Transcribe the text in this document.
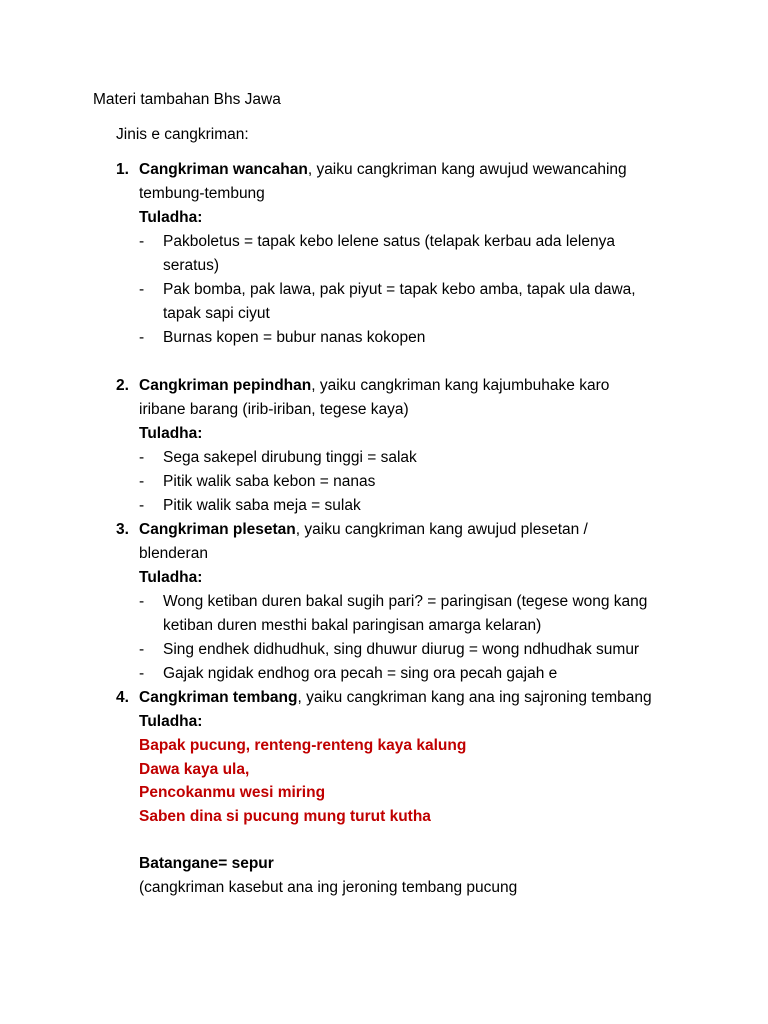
Materi tambahan Bhs Jawa
Jinis e cangkriman:
1. Cangkriman wancahan, yaiku cangkriman kang awujud wewancahing
tembung-tembung
Tuladha:
- Pakboletus = tapak kebo lelene satus (telapak kerbau ada lelenya
seratus)
- Pak bomba, pak lawa, pak piyut = tapak kebo amba, tapak ula dawa,
tapak sapi ciyut
- Burnas kopen = bubur nanas kokopen
2. Cangkriman pepindhan, yaiku cangkriman kang kajumbuhake karo
iribane barang (irib-iriban, tegese kaya)
Tuladha:
- Sega sakepel dirubung tinggi = salak
- Pitik walik saba kebon = nanas
- Pitik walik saba meja = sulak
3. Cangkriman plesetan, yaiku cangkriman kang awujud plesetan /
blenderan
Tuladha:
- Wong ketiban duren bakal sugih pari? = paringisan (tegese wong kang
ketiban duren mesthi bakal paringisan amarga kelaran)
- Sing endhek didhudhuk, sing dhuwur diurug = wong ndhudhak sumur
- Gajak ngidak endhog ora pecah = sing ora pecah gajah e
4. Cangkriman tembang, yaiku cangkriman kang ana ing sajroning tembang
Tuladha:
Bapak pucung, renteng-renteng kaya kalung
Dawa kaya ula,
Pencokanmu wesi miring
Saben dina si pucung mung turut kutha
Batangane= sepur
(cangkriman kasebut ana ing jeroning tembang pucung
